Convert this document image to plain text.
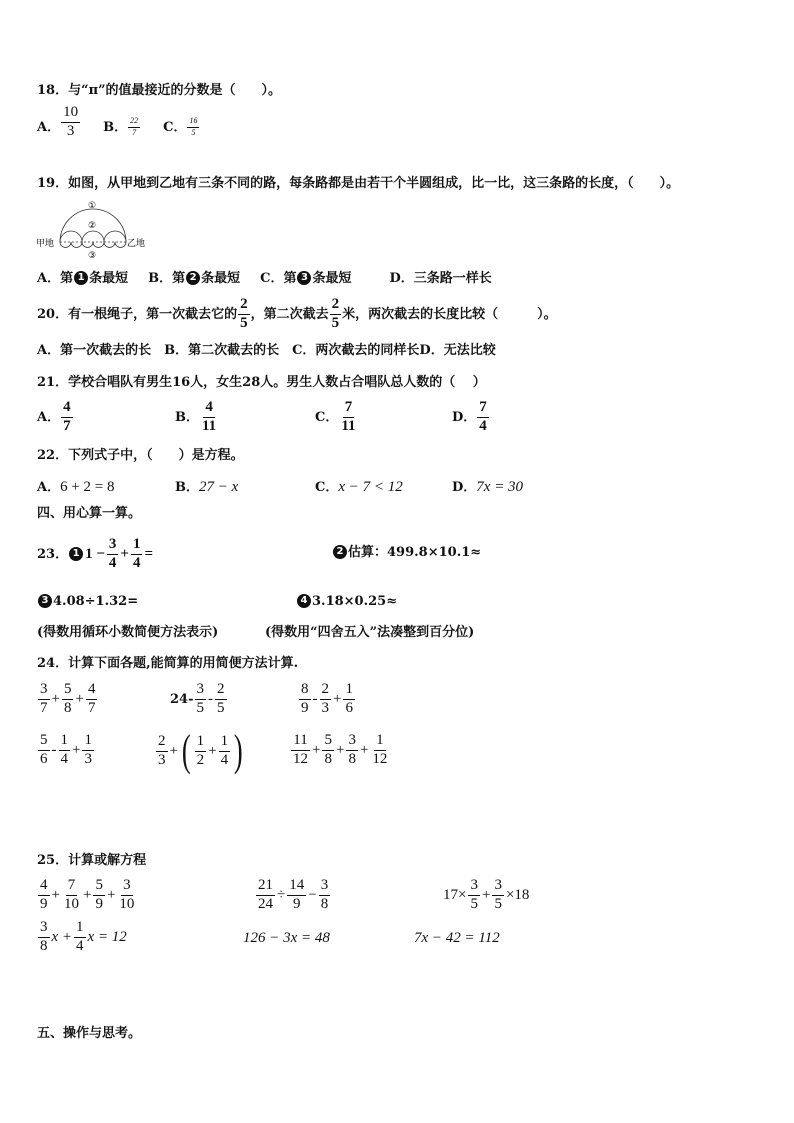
18．与“π”的值最接近的分数是（　　）。
A． $\frac{10}{3}$ B． $\frac{22}{7}$ C． $\frac{16}{5}$
19．如图，从甲地到乙地有三条不同的路，每条路都是由若干个半圆组成，比一比，这三条路的长度，（　　）。
甲地	乙地
①
②
③
A．第 1 条最短 B．第 2 条最短 C．第 3 条最短	D．三条路一样长
20．有一根绳子，第一次截去它的 $\frac{2}{5}$ ，第二次截去 $\frac{2}{5}$ 米，两次截去的长度比较（　　　）。
A．第一次截去的长　B．第二次截去的长　C．两次截去的同样长D．无法比较
21．学校合唱队有男生16人，女生28人。男生人数占合唱队总人数的（　 ）
A． $\frac{4}{7}$	B． $\frac{4}{11}$	C． $\frac{7}{11}$	D． $\frac{7}{4}$
22．下列式子中，（　　）是方程。
A．6 + 2 = 8	B．27 − x	C．x − 7 < 12	D．7x = 30
四、用心算一算。
23． 1 $1 - \frac{3}{4} + \frac{1}{4}$ =	2 估算：499.8×10.1≈
3 4.08÷1.32=	4 3.18×0.25≈
(得数用循环小数简便方法表示)	(得数用“四舍五入”法凑整到百分位)
24．计算下面各题,能简算的用简便方法计算.
$\frac{3}{7} + \frac{5}{8} + \frac{4}{7}$	$24- \frac{3}{5} - \frac{2}{5}$	$\frac{8}{9} - \frac{2}{3} + \frac{1}{6}$
$\frac{5}{6} - \frac{1}{4} + \frac{1}{3}$	$\frac{2}{3}$ + ( $\frac{1}{2} + \frac{1}{4}$ )	$\frac{11}{12} + \frac{5}{8} + \frac{3}{8} + \frac{1}{12}$
25．计算或解方程
$\frac{4}{9} + \frac{7}{10} + \frac{5}{9} + \frac{3}{10}$	$\frac{21}{24} \div \frac{14}{9} - \frac{3}{8}$	$17\times \frac{3}{5} + \frac{3}{5} \times 18$
$\frac{3}{8}$ $x + \frac{1}{4}$ x = 12	126 − 3x = 48	7x − 42 = 112
五、操作与思考。
